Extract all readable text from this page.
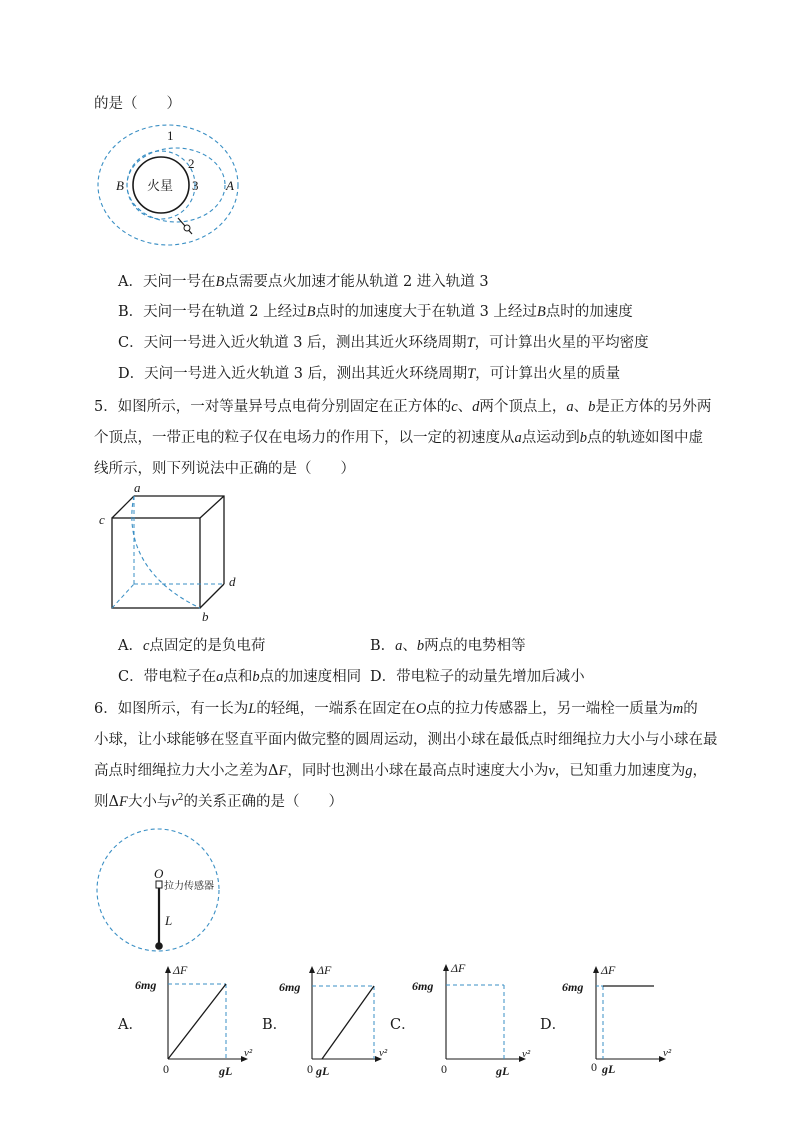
的是（　　）
火星
1
2
3
B	A
A．天问一号在B点需要点火加速才能从轨道 2 进入轨道 3
B．天问一号在轨道 2 上经过B点时的加速度大于在轨道 3 上经过B点时的加速度
C．天问一号进入近火轨道 3 后，测出其近火环绕周期T，可计算出火星的平均密度
D．天问一号进入近火轨道 3 后，测出其近火环绕周期T，可计算出火星的质量
5．如图所示，一对等量异号点电荷分别固定在正方体的c、d两个顶点上，a、b是正方体的另外两
个顶点，一带正电的粒子仅在电场力的作用下，以一定的初速度从a点运动到b点的轨迹如图中虚
线所示，则下列说法中正确的是（　　）
a
c
d
b
A．c点固定的是负电荷	B．a、b两点的电势相等
C．带电粒子在a点和b点的加速度相同 D．带电粒子的动量先增加后减小
6．如图所示，有一长为L的轻绳，一端系在固定在O点的拉力传感器上，另一端栓一质量为m的
小球，让小球能够在竖直平面内做完整的圆周运动，测出小球在最低点时细绳拉力大小与小球在最
高点时细绳拉力大小之差为ΔF，同时也测出小球在最高点时速度大小为v，已知重力加速度为g，
则ΔF大小与$v^2$的关系正确的是（　　）
O
拉力传感器
L
A．
ΔF
6mg
v²
0	gL
B．
ΔF
6mg
v²
0 gL
C．
ΔF
6mg
v²
0	gL
D．
ΔF
6mg
v²
0 gL
